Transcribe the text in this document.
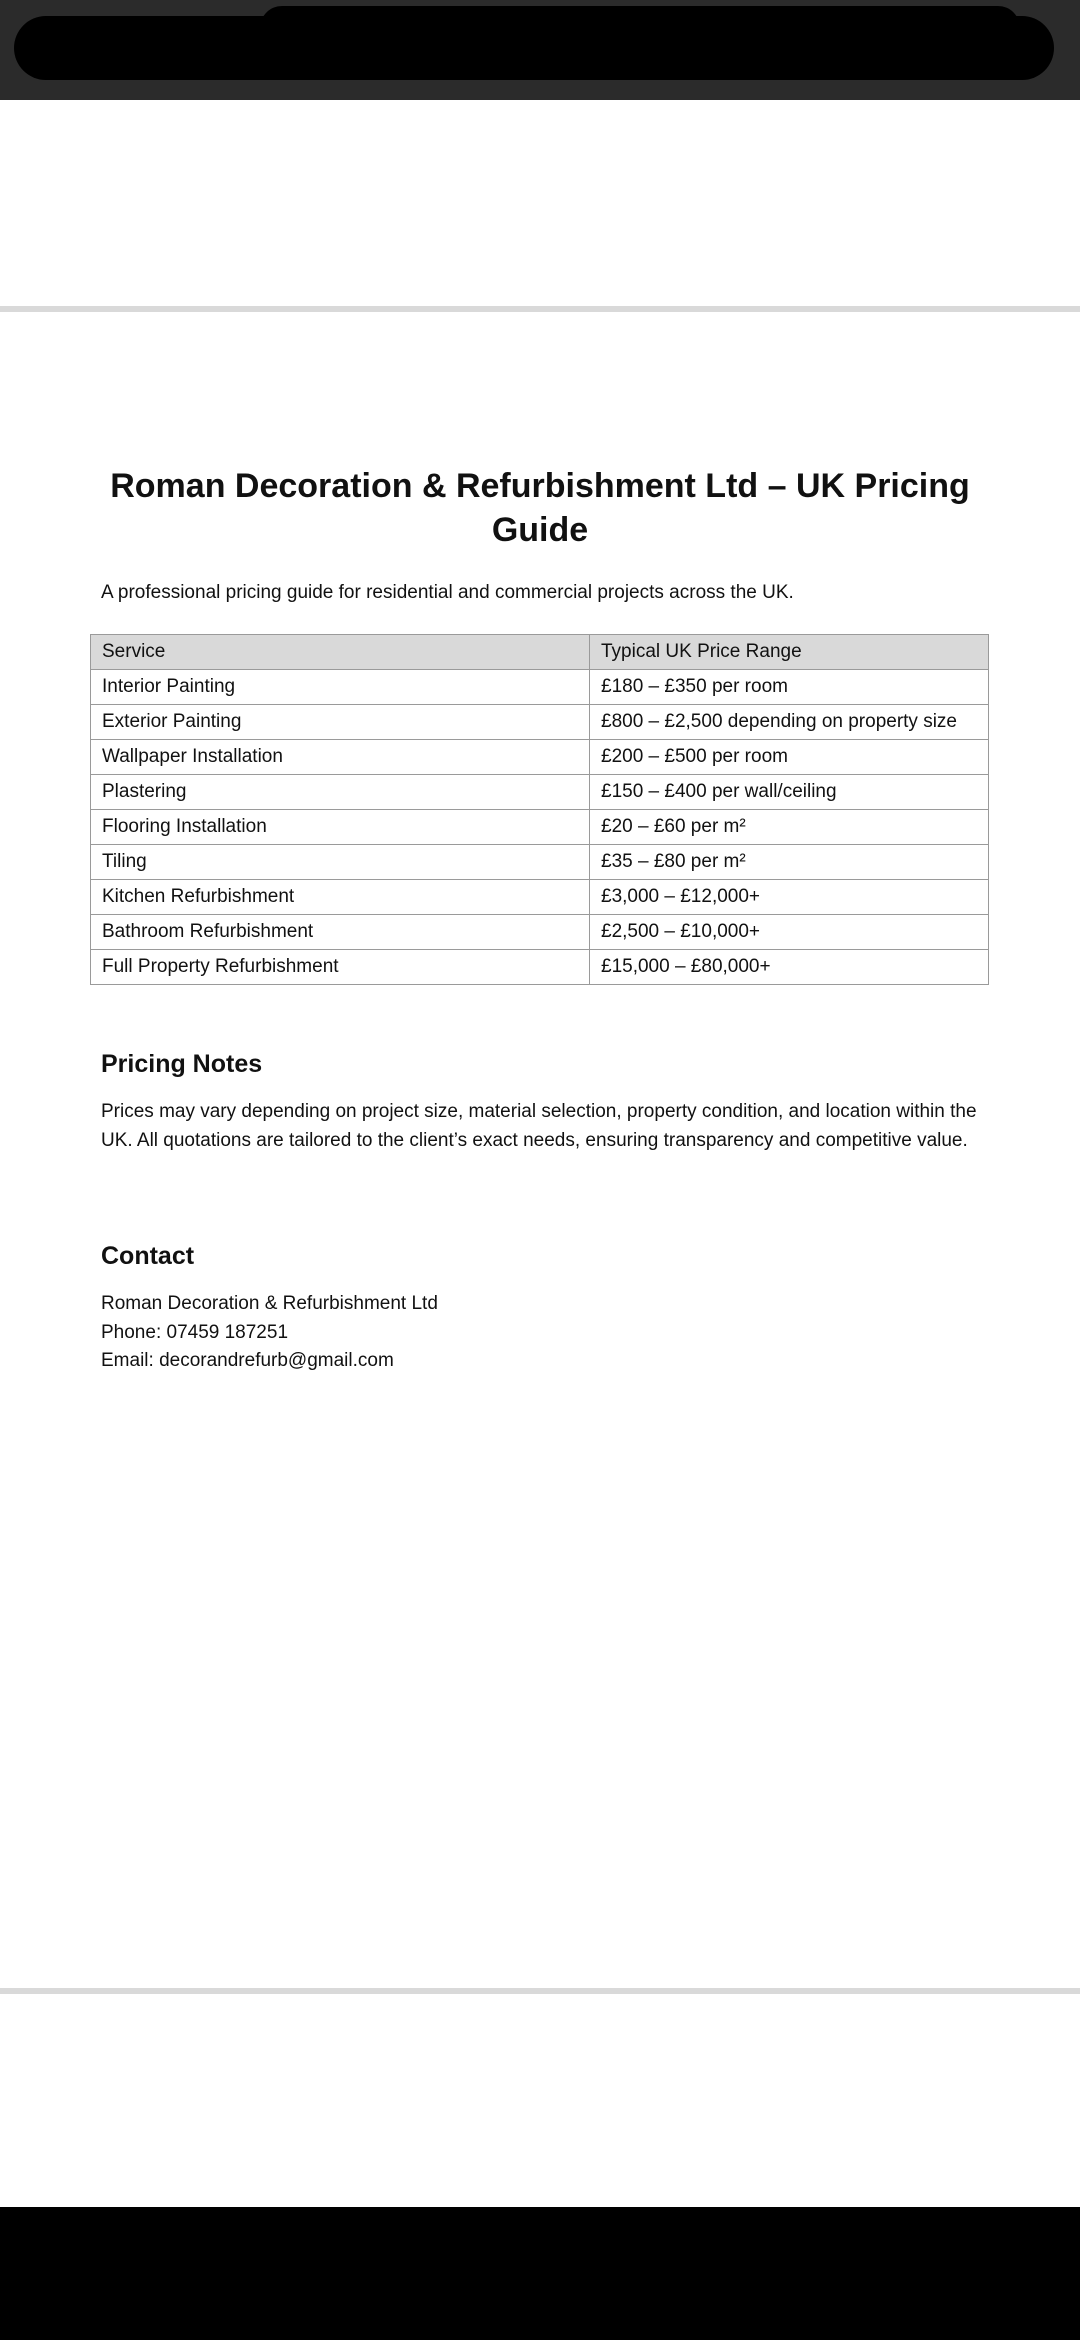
Roman Decoration & Refurbishment Ltd – UK Pricing Guide

A professional pricing guide for residential and commercial projects across the UK.

Service	Typical UK Price Range
Interior Painting	£180 – £350 per room
Exterior Painting	£800 – £2,500 depending on property size
Wallpaper Installation	£200 – £500 per room
Plastering	£150 – £400 per wall/ceiling
Flooring Installation	£20 – £60 per m²
Tiling	£35 – £80 per m²
Kitchen Refurbishment	£3,000 – £12,000+
Bathroom Refurbishment	£2,500 – £10,000+
Full Property Refurbishment	£15,000 – £80,000+
Pricing Notes

Prices may vary depending on project size, material selection, property condition, and location within the UK. All quotations are tailored to the client’s exact needs, ensuring transparency and competitive value.

Contact
Roman Decoration & Refurbishment Ltd
Phone: 07459 187251
Email: decorandrefurb@gmail.com
